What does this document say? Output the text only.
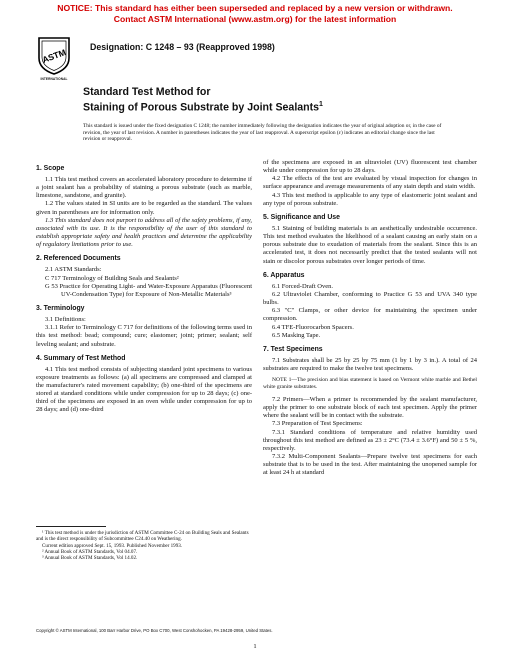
NOTICE: This standard has either been superseded and replaced by a new version or withdrawn.
Contact ASTM International (www.astm.org) for the latest information
ASTM
INTERNATIONAL
Designation: C 1248 – 93 (Reapproved 1998)
Standard Test Method for
Staining of Porous Substrate by Joint Sealants$^1$
This standard is issued under the fixed designation C 1248; the number immediately following the designation indicates the year of original adoption or, in the case of revision, the year of last revision. A number in parentheses indicates the year of last reapproval. A superscript epsilon (ε) indicates an editorial change since the last revision or reapproval.

1. Scope

1.1 This test method covers an accelerated laboratory procedure to determine if a joint sealant has a probability of staining a porous substrate (such as marble, limestone, sandstone, and granite).

1.2 The values stated in SI units are to be regarded as the standard. The values given in parentheses are for information only.

1.3 This standard does not purport to address all of the safety problems, if any, associated with its use. It is the responsibility of the user of this standard to establish appropriate safety and health practices and determine the applicability of regulatory limitations prior to use.

2. Referenced Documents

2.1 ASTM Standards:

C 717 Terminology of Building Seals and Sealants²

G 53 Practice for Operating Light- and Water-Exposure Apparatus (Fluorescent UV-Condensation Type) for Exposure of Non-Metallic Materials³

3. Terminology

3.1 Definitions:

3.1.1 Refer to Terminology C 717 for definitions of the following terms used in this test method: bead; compound; cure; elastomer; joint; primer; sealant; self leveling sealant; and substrate.

4. Summary of Test Method

4.1 This test method consists of subjecting standard joint specimens to various exposure treatments as follows: (a) all specimens are compressed and clamped at the manufacturer's rated movement capability; (b) one-third of the specimens are stored at standard conditions while under compression for up to 28 days; (c) one-third of the specimens are exposed in an oven while under compression for up to 28 days; and (d) one-third

¹ This test method is under the jurisdiction of ASTM Committee C-24 on Building Seals and Sealants and is the direct responsibility of Subcommittee C24.40 on Weathering.

Current edition approved Sept. 15, 1993. Published November 1993.

² Annual Book of ASTM Standards, Vol 04.07.

³ Annual Book of ASTM Standards, Vol 14.02.

of the specimens are exposed in an ultraviolet (UV) fluorescent test chamber while under compression for up to 28 days.

4.2 The effects of the test are evaluated by visual inspection for changes in surface appearance and average measurements of any stain depth and stain width.

4.3 This test method is applicable to any type of elastomeric joint sealant and any type of porous substrate.

5. Significance and Use

5.1 Staining of building materials is an aesthetically undesirable occurrence. This test method evaluates the likelihood of a sealant causing an early stain on a porous substrate due to exudation of materials from the sealant. Since this is an accelerated test, it does not necessarily predict that the tested sealants will not stain or discolor porous substrates over longer periods of time.

6. Apparatus

6.1 Forced-Draft Oven.

6.2 Ultraviolet Chamber, conforming to Practice G 53 and UVA 340 type bulbs.

6.3 "C" Clamps, or other device for maintaining the specimen under compression.

6.4 TFE-Fluorocarbon Spacers.

6.5 Masking Tape.

7. Test Specimens

7.1 Substrates shall be 25 by 25 by 75 mm (1 by 1 by 3 in.). A total of 24 substrates are required to make the twelve test specimens.

NOTE 1—The precision and bias statement is based on Vermont white marble and Bethel white granite substrates.

7.2 Primers—When a primer is recommended by the sealant manufacturer, apply the primer to one substrate block of each test specimen. Apply the primer where the sealant will be in contact with the substrate.

7.3 Preparation of Test Specimens:

7.3.1 Standard conditions of temperature and relative humidity used throughout this test method are defined as 23 ± 2°C (73.4 ± 3.6°F) and 50 ± 5 %, respectively.

7.3.2 Multi-Component Sealants—Prepare twelve test specimens for each substrate that is to be used in the test. After maintaining the unopened sample for at least 24 h at standard

Copyright © ASTM International, 100 Barr Harbor Drive, PO Box C700, West Conshohocken, PA 19428-2959, United States.
1
